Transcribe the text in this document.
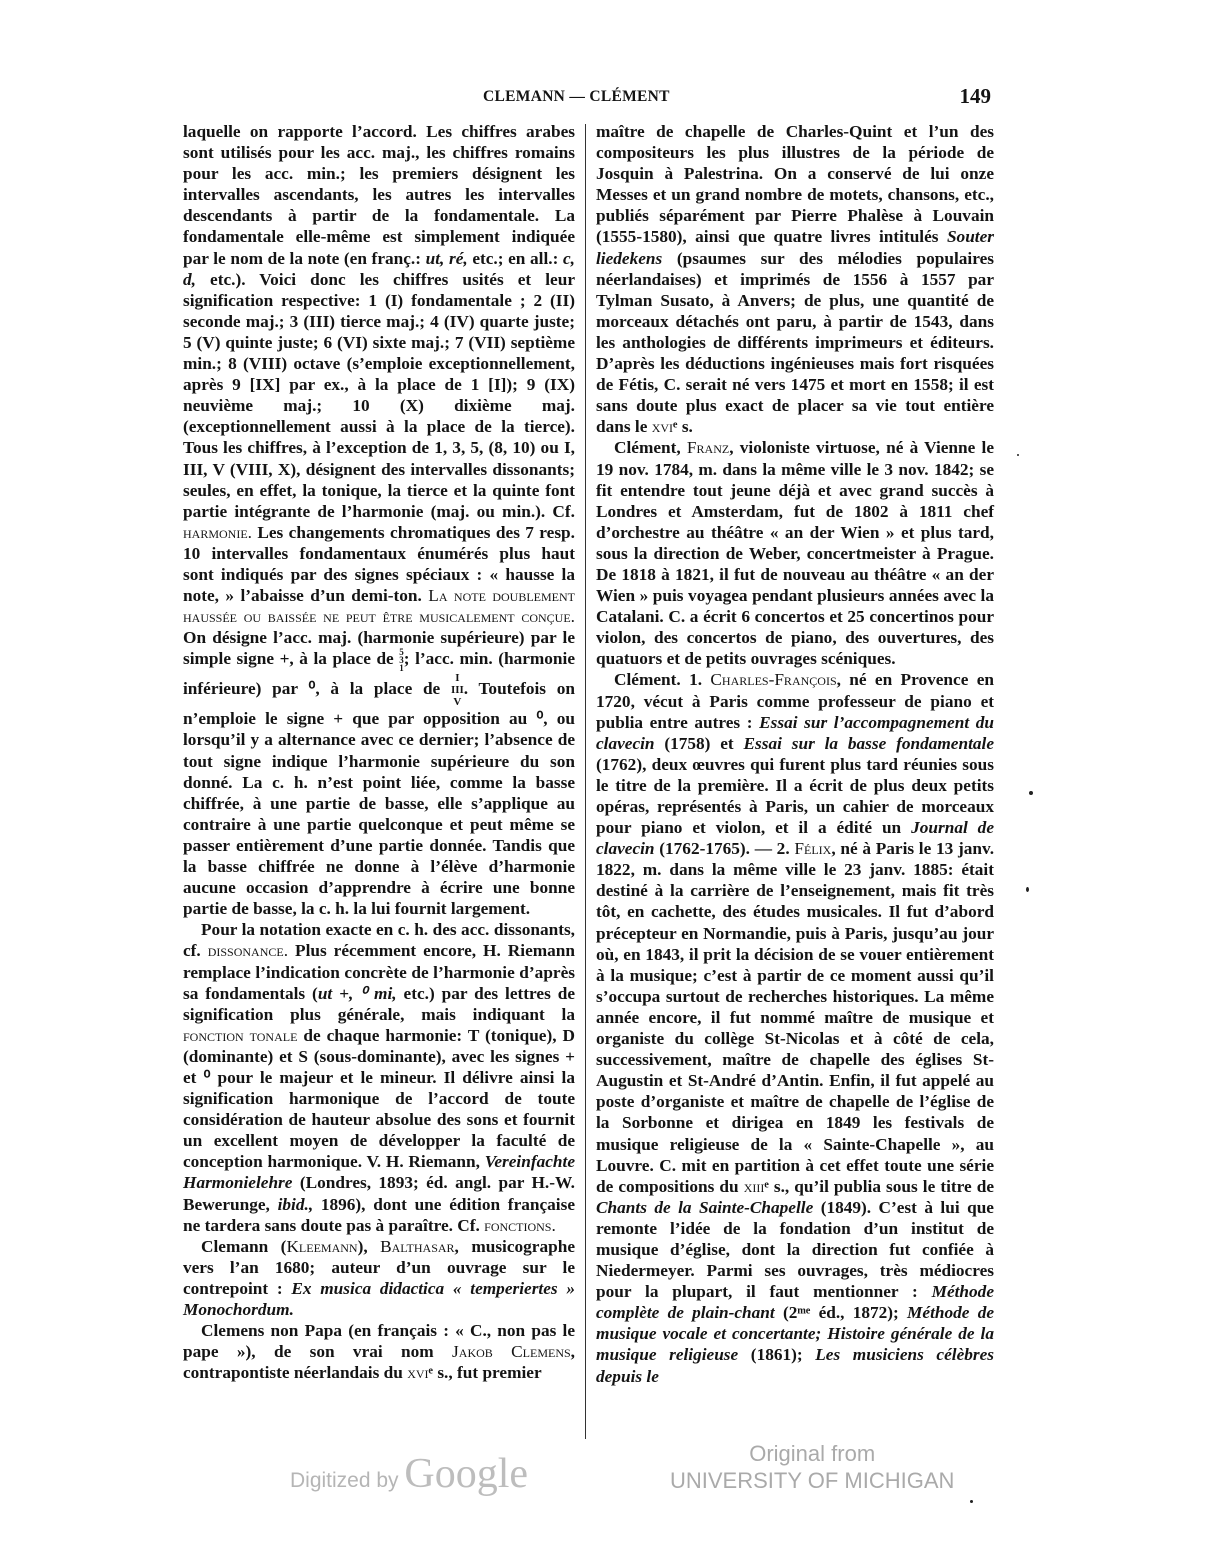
CLEMANN — CLÉMENT	149

laquelle on rapporte l’accord. Les chiffres arabes sont utilisés pour les acc. maj., les chiffres romains pour les acc. min.; les premiers désignent les intervalles ascendants, les autres les intervalles descendants à partir de la fondamentale. La fondamentale elle-même est simplement indiquée par le nom de la note (en franç.: ut, ré, etc.; en all.: c, d, etc.). Voici donc les chiffres usités et leur signification respective: 1 (I) fondamentale ; 2 (II) seconde maj.; 3 (III) tierce maj.; 4 (IV) quarte juste; 5 (V) quinte juste; 6 (VI) sixte maj.; 7 (VII) septième min.; 8 (VIII) octave (s’emploie exceptionnellement, après 9 [IX] par ex., à la place de 1 [I]); 9 (IX) neuvième maj.; 10 (X) dixième maj. (exceptionnellement aussi à la place de la tierce). Tous les chiffres, à l’exception de 1, 3, 5, (8, 10) ou I, III, V (VIII, X), désignent des intervalles dissonants; seules, en effet, la tonique, la tierce et la quinte font partie intégrante de l’harmonie (maj. ou min.). Cf. harmonie. Les changements chromatiques des 7 resp. 10 intervalles fondamentaux énumérés plus haut sont indiqués par des signes spéciaux : « hausse la note, » l’abaisse d’un demi-ton. La note doublement haussée ou baissée ne peut être musicalement conçue. On désigne l’acc. maj. (harmonie supérieure) par le simple signe +, à la place de 5
3
1; l’acc. min. (harmonie inférieure) par ⁰, à la place de I
III
V. Toutefois on n’emploie le signe + que par opposition au ⁰, ou lorsqu’il y a alternance avec ce dernier; l’absence de tout signe indique l’harmonie supérieure du son donné. La c. h. n’est point liée, comme la basse chiffrée, à une partie de basse, elle s’applique au contraire à une partie quelconque et peut même se passer entièrement d’une partie donnée. Tandis que la basse chiffrée ne donne à l’élève d’harmonie aucune occasion d’apprendre à écrire une bonne partie de basse, la c. h. la lui fournit largement.

Pour la notation exacte en c. h. des acc. dissonants, cf. dissonance. Plus récemment encore, H. Riemann remplace l’indication concrète de l’harmonie d’après sa fondamentals (ut +, ⁰ mi, etc.) par des lettres de signification plus générale, mais indiquant la fonction tonale de chaque harmonie: T (tonique), D (dominante) et S (sous-dominante), avec les signes + et ⁰ pour le majeur et le mineur. Il délivre ainsi la signification harmonique de l’accord de toute considération de hauteur absolue des sons et fournit un excellent moyen de développer la faculté de conception harmonique. V. H. Riemann, Vereinfachte Harmonielehre (Londres, 1893; éd. angl. par H.-W. Bewerunge, ibid., 1896), dont une édition française ne tardera sans doute pas à paraître. Cf. fonctions.

Clemann (Kleemann), Balthasar, musicographe vers l’an 1680; auteur d’un ouvrage sur le contrepoint : Ex musica didactica « temperiertes » Monochordum.

Clemens non Papa (en français : « C., non pas le pape »), de son vrai nom Jakob Clemens, contrapontiste néerlandais du xviᵉ s., fut premier

maître de chapelle de Charles-Quint et l’un des compositeurs les plus illustres de la période de Josquin à Palestrina. On a conservé de lui onze Messes et un grand nombre de motets, chansons, etc., publiés séparément par Pierre Phalèse à Louvain (1555-1580), ainsi que quatre livres intitulés Souter liedekens (psaumes sur des mélodies populaires néerlandaises) et imprimés de 1556 à 1557 par Tylman Susato, à Anvers; de plus, une quantité de morceaux détachés ont paru, à partir de 1543, dans les anthologies de différents imprimeurs et éditeurs. D’après les déductions ingénieuses mais fort risquées de Fétis, C. serait né vers 1475 et mort en 1558; il est sans doute plus exact de placer sa vie tout entière dans le xviᵉ s.

Clément, Franz, violoniste virtuose, né à Vienne le 19 nov. 1784, m. dans la même ville le 3 nov. 1842; se fit entendre tout jeune déjà et avec grand succès à Londres et Amsterdam, fut de 1802 à 1811 chef d’orchestre au théâtre « an der Wien » et plus tard, sous la direction de Weber, concertmeister à Prague. De 1818 à 1821, il fut de nouveau au théâtre « an der Wien » puis voyagea pendant plusieurs années avec la Catalani. C. a écrit 6 concertos et 25 concertinos pour violon, des concertos de piano, des ouvertures, des quatuors et de petits ouvrages scéniques.

Clément. 1. Charles-François, né en Provence en 1720, vécut à Paris comme professeur de piano et publia entre autres : Essai sur l’accompagnement du clavecin (1758) et Essai sur la basse fondamentale (1762), deux œuvres qui furent plus tard réunies sous le titre de la première. Il a écrit de plus deux petits opéras, représentés à Paris, un cahier de morceaux pour piano et violon, et il a édité un Journal de clavecin (1762-1765). — 2. Félix, né à Paris le 13 janv. 1822, m. dans la même ville le 23 janv. 1885: était destiné à la carrière de l’enseignement, mais fit très tôt, en cachette, des études musicales. Il fut d’abord précepteur en Normandie, puis à Paris, jusqu’au jour où, en 1843, il prit la décision de se vouer entièrement à la musique; c’est à partir de ce moment aussi qu’il s’occupa surtout de recherches historiques. La même année encore, il fut nommé maître de musique et organiste du collège St-Nicolas et à côté de cela, successivement, maître de chapelle des églises St-Augustin et St-André d’Antin. Enfin, il fut appelé au poste d’organiste et maître de chapelle de l’église de la Sorbonne et dirigea en 1849 les festivals de musique religieuse de la « Sainte-Chapelle », au Louvre. C. mit en partition à cet effet toute une série de compositions du xiiiᵉ s., qu’il publia sous le titre de Chants de la Sainte-Chapelle (1849). C’est à lui que remonte l’idée de la fondation d’un institut de musique d’église, dont la direction fut confiée à Niedermeyer. Parmi ses ouvrages, très médiocres pour la plupart, il faut mentionner : Méthode complète de plain-chant (2ᵐᵉ éd., 1872); Méthode de musique vocale et concertante; Histoire générale de la musique religieuse (1861); Les musiciens célèbres depuis le

Digitized by Google	Original from
UNIVERSITY OF MICHIGAN
